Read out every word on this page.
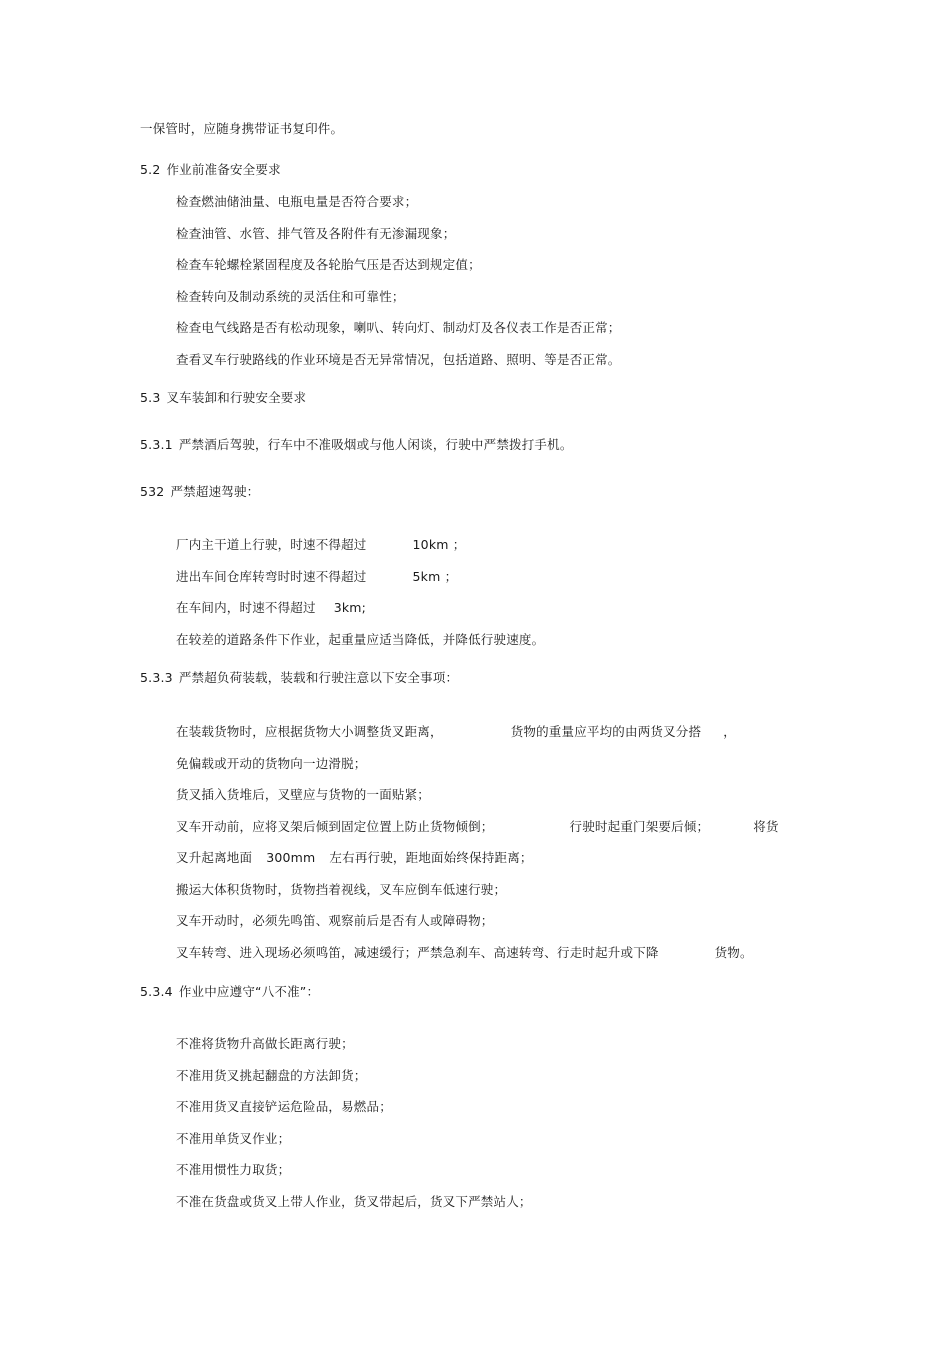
一保管时，应随身携带证书复印件。
5.2 作业前准备安全要求
检查燃油储油量、电瓶电量是否符合要求；
检查油管、水管、排气管及各附件有无渗漏现象；
检查车轮螺栓紧固程度及各轮胎气压是否达到规定值；
检查转向及制动系统的灵活住和可靠性；
检查电气线路是否有松动现象，喇叭、转向灯、制动灯及各仪表工作是否正常；
查看叉车行驶路线的作业环境是否无异常情况，包括道路、照明、等是否正常。
5.3 叉车装卸和行驶安全要求
5.3.1 严禁酒后驾驶，行车中不准吸烟或与他人闲谈，行驶中严禁拨打手机。
532 严禁超速驾驶：
厂内主干道上行驶，时速不得超过	10km ；
进出车间仓库转弯时时速不得超过	5km ；
在车间内，时速不得超过 3km;
在较差的道路条件下作业，起重量应适当降低，并降低行驶速度。
5.3.3 严禁超负荷装载，装载和行驶注意以下安全事项：
在装载货物时，应根据货物大小调整货叉距离，	货物的重量应平均的由两货叉分搭 ，
免偏载或开动的货物向一边滑脱；
货叉插入货堆后，叉壁应与货物的一面贴紧；
叉车开动前，应将叉架后倾到固定位置上防止货物倾倒；	行驶时起重门架要后倾；	将货
叉升起离地面 300mm 左右再行驶，距地面始终保持距离；
搬运大体积货物时，货物挡着视线，叉车应倒车低速行驶；
叉车开动时，必须先鸣笛、观察前后是否有人或障碍物；
叉车转弯、进入现场必须鸣笛，减速缓行；严禁急刹车、高速转弯、行走时起升或下降	货物。
5.3.4 作业中应遵守“八不准”：
不准将货物升高做长距离行驶；
不准用货叉挑起翻盘的方法卸货；
不准用货叉直接铲运危险品，易燃品；
不准用单货叉作业；
不准用惯性力取货；
不准在货盘或货叉上带人作业，货叉带起后，货叉下严禁站人；
